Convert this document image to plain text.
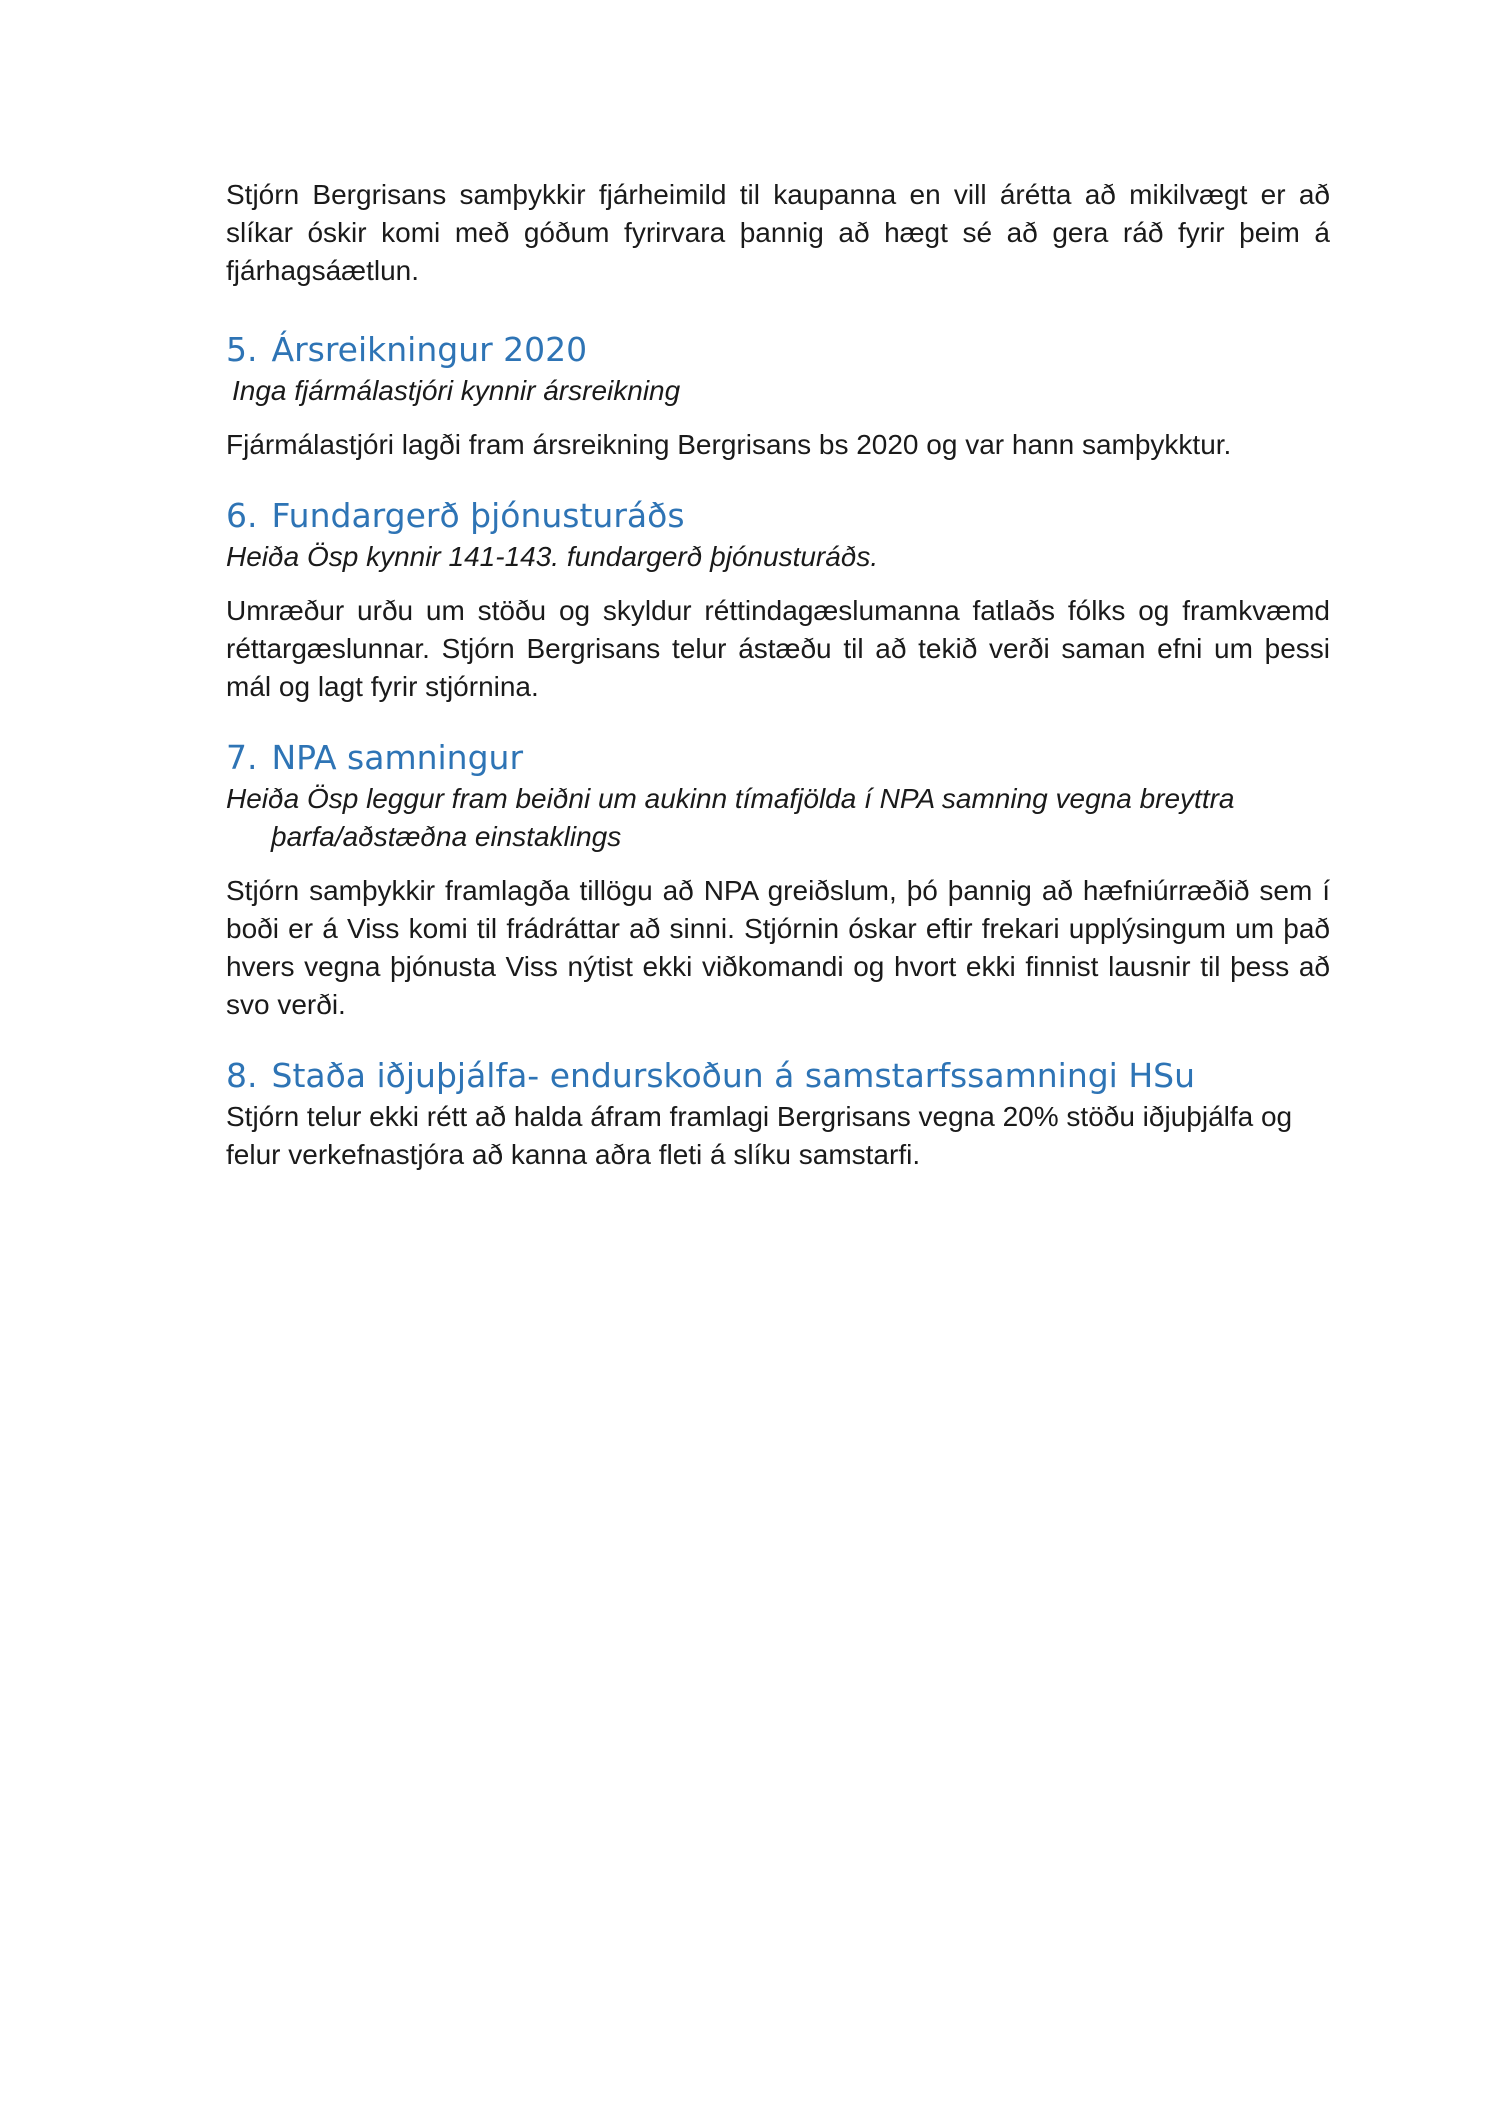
Stjórn Bergrisans samþykkir fjárheimild til kaupanna en vill árétta að mikilvægt er að slíkar óskir komi með góðum fyrirvara þannig að hægt sé að gera ráð fyrir þeim á fjárhagsáætlun.

5. Ársreikningur 2020

Inga fjármálastjóri kynnir ársreikning

Fjármálastjóri lagði fram ársreikning Bergrisans bs 2020 og var hann samþykktur.

6. Fundargerð þjónusturáðs

Heiða Ösp kynnir 141-143. fundargerð þjónusturáðs.

Umræður urðu um stöðu og skyldur réttindagæslumanna fatlaðs fólks og framkvæmd réttargæslunnar. Stjórn Bergrisans telur ástæðu til að tekið verði saman efni um þessi mál og lagt fyrir stjórnina.

7. NPA samningur

Heiða Ösp leggur fram beiðni um aukinn tímafjölda í NPA samning vegna breyttra þarfa/aðstæðna einstaklings

Stjórn samþykkir framlagða tillögu að NPA greiðslum, þó þannig að hæfniúrræðið sem í boði er á Viss komi til frádráttar að sinni. Stjórnin óskar eftir frekari upplýsingum um það hvers vegna þjónusta Viss nýtist ekki viðkomandi og hvort ekki finnist lausnir til þess að svo verði.

8. Staða iðjuþjálfa- endurskoðun á samstarfssamningi HSu

Stjórn telur ekki rétt að halda áfram framlagi Bergrisans vegna 20% stöðu iðjuþjálfa og felur verkefnastjóra að kanna aðra fleti á slíku samstarfi.
